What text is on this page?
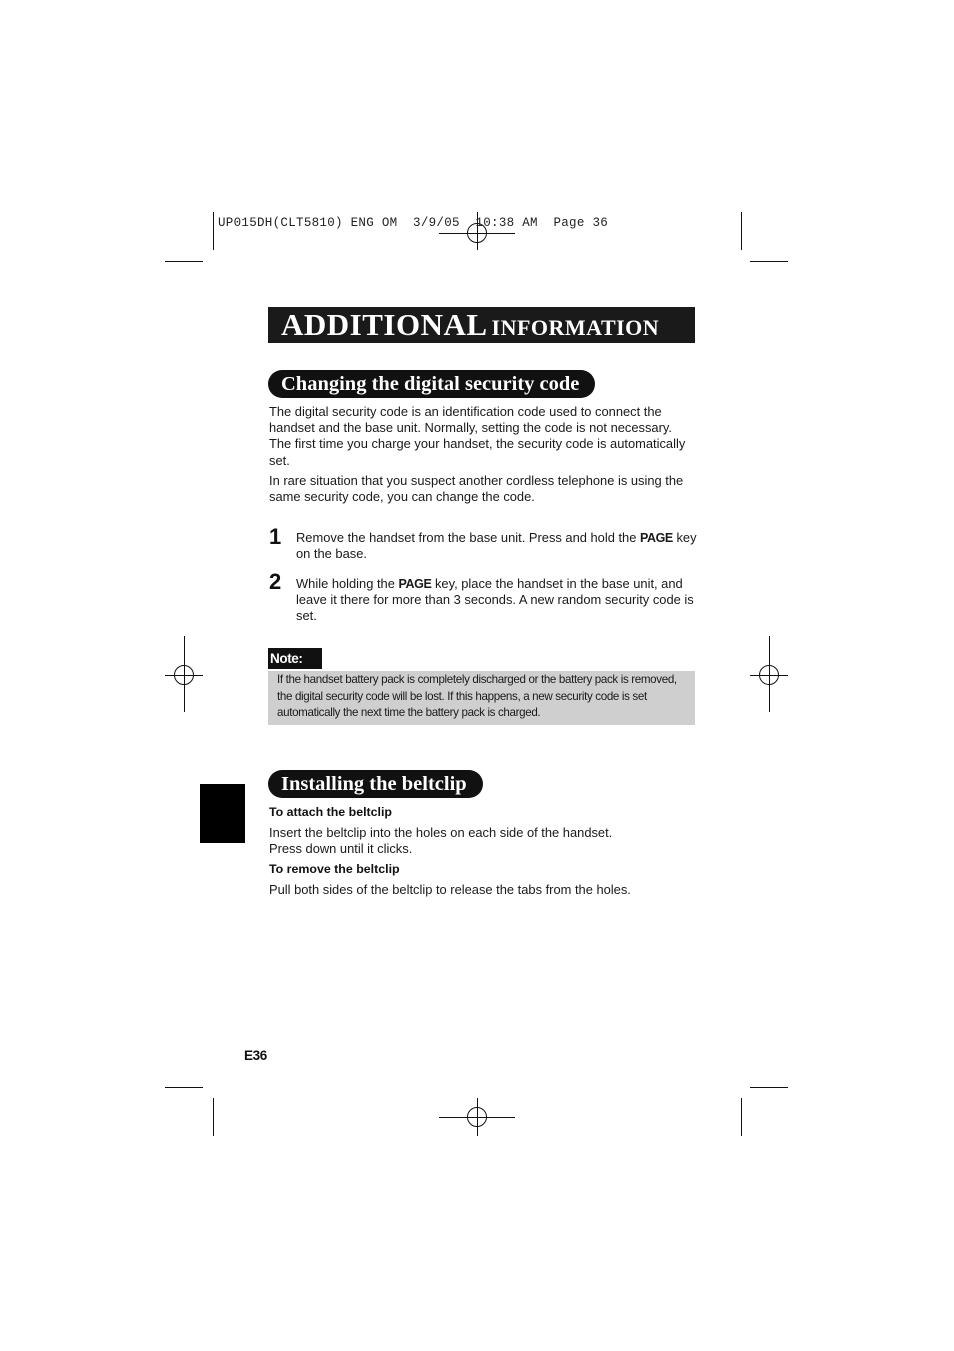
UP015DH(CLT5810) ENG OM  3/9/05  10:38 AM  Page 36
ADDITIONAL INFORMATION
Changing the digital security code
The digital security code is an identification code used to connect the handset and the base unit. Normally, setting the code is not necessary. The first time you charge your handset, the security code is automatically set.
In rare situation that you suspect another cordless telephone is using the same security code, you can change the code.
1 Remove the handset from the base unit. Press and hold the PAGE key on the base.
2 While holding the PAGE key, place the handset in the base unit, and leave it there for more than 3 seconds. A new random security code is set.
Note:
If the handset battery pack is completely discharged or the battery pack is removed, the digital security code will be lost. If this happens, a new security code is set automatically the next time the battery pack is charged.
Installing the beltclip
To attach the beltclip
Insert the beltclip into the holes on each side of the handset.
Press down until it clicks.
To remove the beltclip
Pull both sides of the beltclip to release the tabs from the holes.
E36
